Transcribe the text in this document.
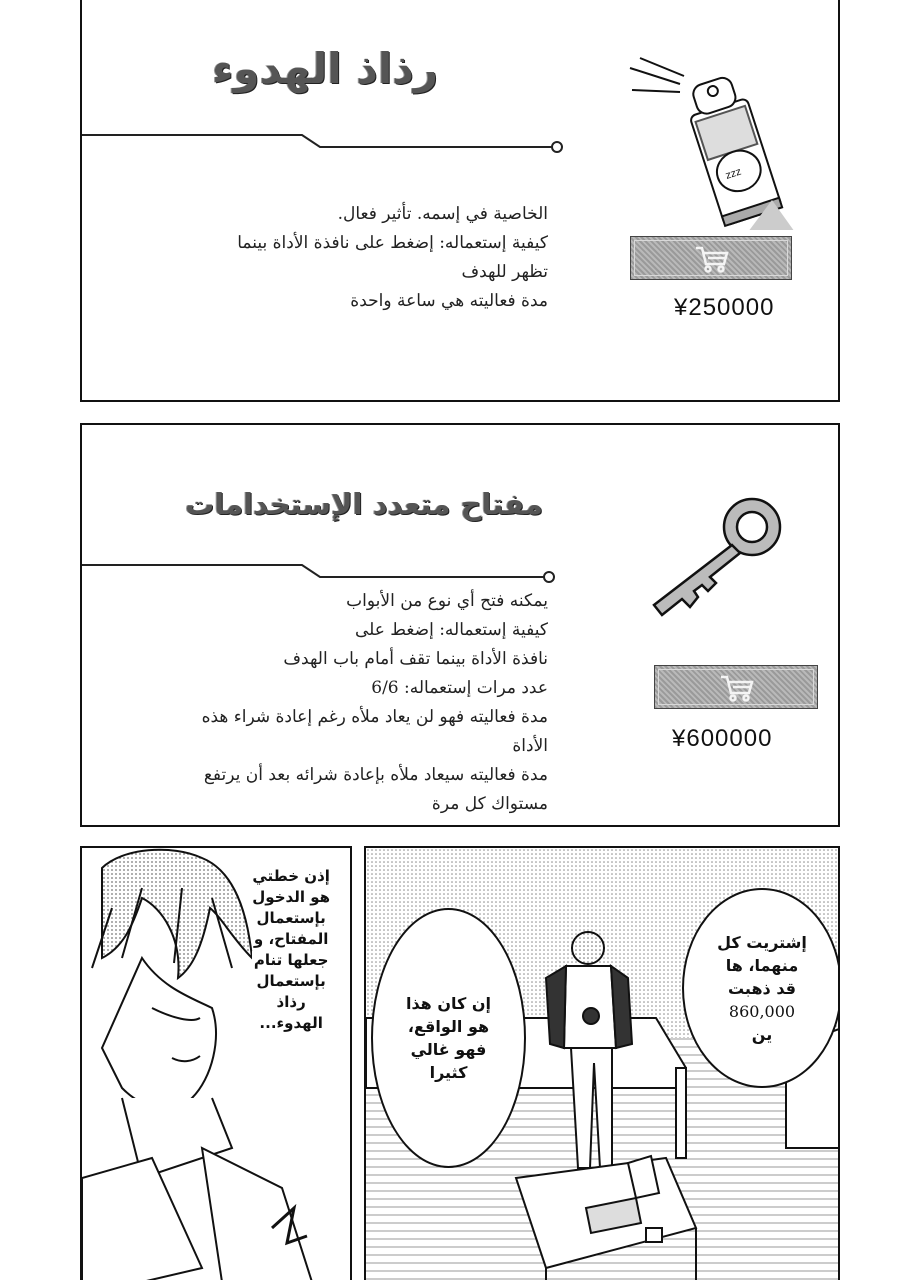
رذاذ الهدوء
الخاصية في إسمه. تأثير فعال.
كيفية إستعماله: إضغط على نافذة الأداة بينما
تظهر للهدف
مدة فعاليته هي ساعة واحدة
zzz
¥250000
مفتاح متعدد الإستخدامات
يمكنه فتح أي نوع من الأبواب
كيفية إستعماله: إضغط على
نافذة الأداة بينما تقف أمام باب الهدف
عدد مرات إستعماله: 6/6
مدة فعاليته فهو لن يعاد ملأه رغم إعادة شراء هذه
الأداة
مدة فعاليته سيعاد ملأه بإعادة شرائه بعد أن يرتفع
مستواك كل مرة
¥600000
إذن خطتي
هو الدخول
بإستعمال
المفتاح، و
جعلها تنام
بإستعمال
رذاذ
الهدوء...
إن كان هذا
هو الواقع،
فهو غالي
كثيرا
إشتريت كل
منهما، ها
قد ذهبت
860,000
ين
